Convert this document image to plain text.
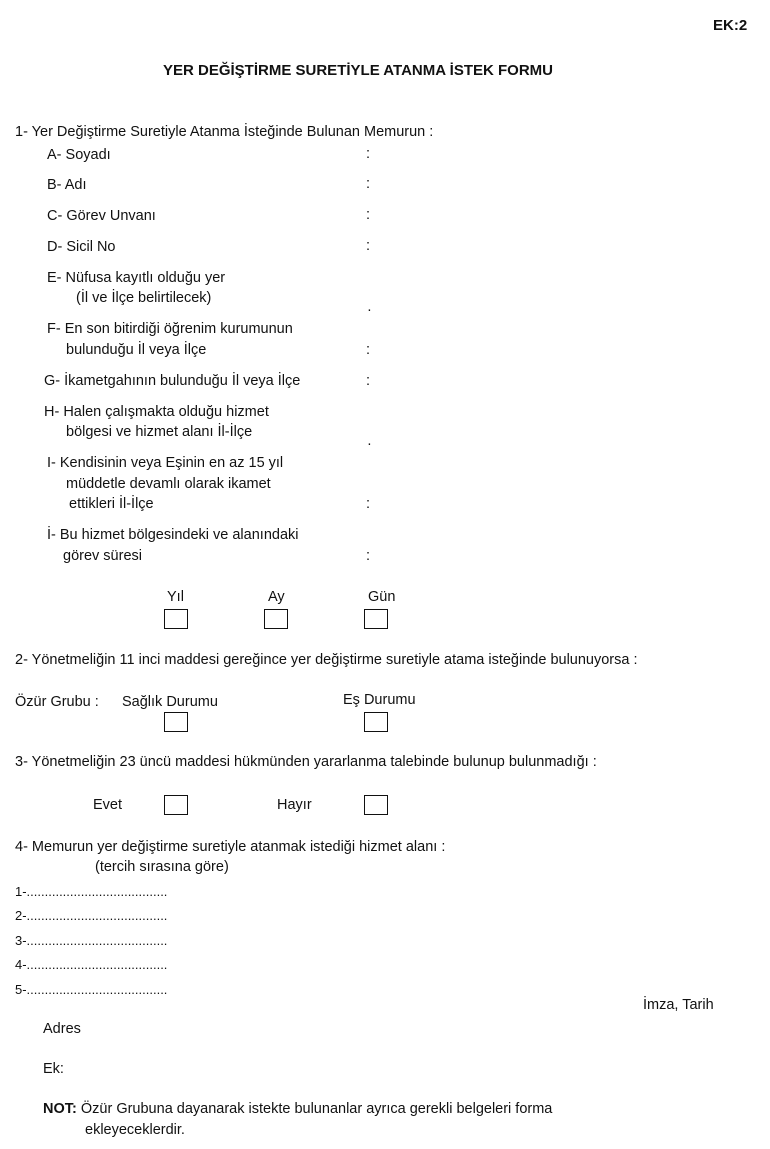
EK:2
YER DEĞİŞTİRME SURETİYLE ATANMA İSTEK FORMU
1- Yer Değiştirme Suretiyle Atanma İsteğinde Bulunan Memurun :
A- Soyadı	:
B- Adı	:
C- Görev Unvanı	:
D- Sicil No	:
E- Nüfusa kayıtlı olduğu yer
(İl ve İlçe belirtilecek)
·
F- En son bitirdiği öğrenim kurumunun
bulunduğu İl veya İlçe	:
G- İkametgahının bulunduğu İl veya İlçe	:
H- Halen çalışmakta olduğu hizmet
bölgesi ve hizmet alanı İl-İlçe
·
I- Kendisinin veya Eşinin en az 15 yıl
müddetle devamlı olarak ikamet
ettikleri İl-İlçe	:
İ- Bu hizmet bölgesindeki ve alanındaki
görev süresi	:
Yıl	Ay	Gün
2- Yönetmeliğin 11 inci maddesi gereğince yer değiştirme suretiyle atama isteğinde bulunuyorsa :
Özür Grubu : Sağlık Durumu	Eş Durumu
3- Yönetmeliğin 23 üncü maddesi hükmünden yararlanma talebinde bulunup bulunmadığı :
Evet	Hayır
4- Memurun yer değiştirme suretiyle atanmak istediği hizmet alanı :
(tercih sırasına göre)
1-.......................................
2-.......................................
3-.......................................
4-.......................................
5-.......................................
İmza, Tarih
Adres
Ek:
NOT: Özür Grubuna dayanarak istekte bulunanlar ayrıca gerekli belgeleri forma
ekleyeceklerdir.
